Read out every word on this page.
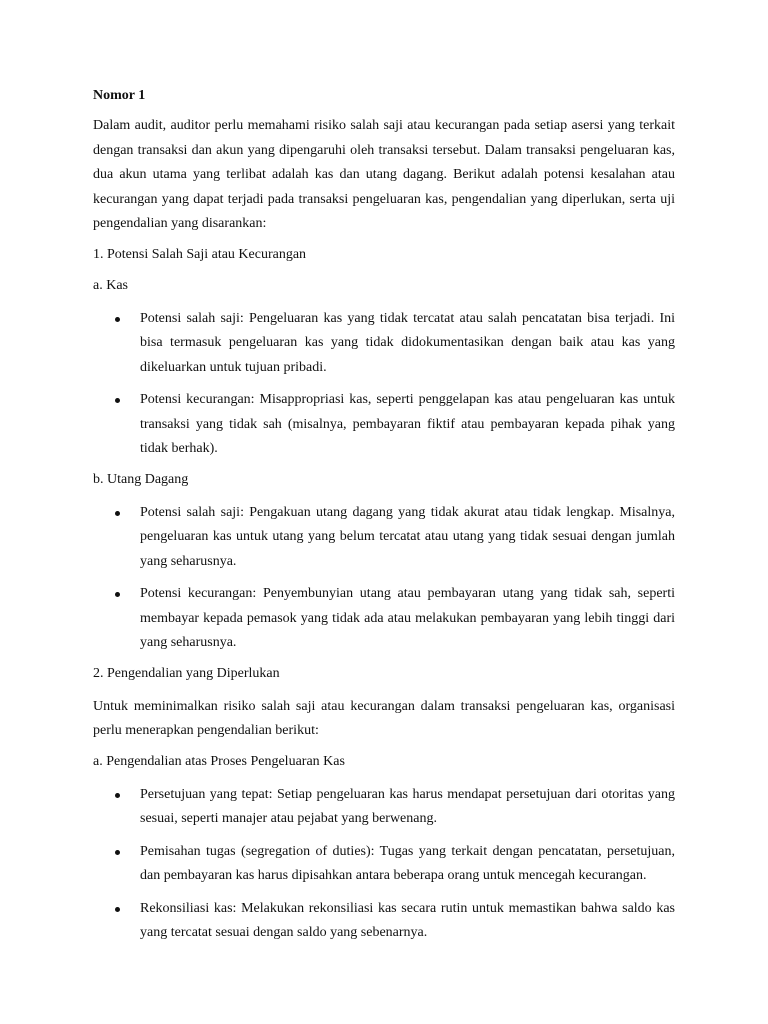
Nomor 1

Dalam audit, auditor perlu memahami risiko salah saji atau kecurangan pada setiap asersi yang terkait dengan transaksi dan akun yang dipengaruhi oleh transaksi tersebut. Dalam transaksi pengeluaran kas, dua akun utama yang terlibat adalah kas dan utang dagang. Berikut adalah potensi kesalahan atau kecurangan yang dapat terjadi pada transaksi pengeluaran kas, pengendalian yang diperlukan, serta uji pengendalian yang disarankan:

1. Potensi Salah Saji atau Kecurangan
a. Kas
Potensi salah saji: Pengeluaran kas yang tidak tercatat atau salah pencatatan bisa terjadi. Ini bisa termasuk pengeluaran kas yang tidak didokumentasikan dengan baik atau kas yang dikeluarkan untuk tujuan pribadi.
Potensi kecurangan: Misappropriasi kas, seperti penggelapan kas atau pengeluaran kas untuk transaksi yang tidak sah (misalnya, pembayaran fiktif atau pembayaran kepada pihak yang tidak berhak).
b. Utang Dagang
Potensi salah saji: Pengakuan utang dagang yang tidak akurat atau tidak lengkap. Misalnya, pengeluaran kas untuk utang yang belum tercatat atau utang yang tidak sesuai dengan jumlah yang seharusnya.
Potensi kecurangan: Penyembunyian utang atau pembayaran utang yang tidak sah, seperti membayar kepada pemasok yang tidak ada atau melakukan pembayaran yang lebih tinggi dari yang seharusnya.
2. Pengendalian yang Diperlukan

Untuk meminimalkan risiko salah saji atau kecurangan dalam transaksi pengeluaran kas, organisasi perlu menerapkan pengendalian berikut:

a. Pengendalian atas Proses Pengeluaran Kas
Persetujuan yang tepat: Setiap pengeluaran kas harus mendapat persetujuan dari otoritas yang sesuai, seperti manajer atau pejabat yang berwenang.
Pemisahan tugas (segregation of duties): Tugas yang terkait dengan pencatatan, persetujuan, dan pembayaran kas harus dipisahkan antara beberapa orang untuk mencegah kecurangan.
Rekonsiliasi kas: Melakukan rekonsiliasi kas secara rutin untuk memastikan bahwa saldo kas yang tercatat sesuai dengan saldo yang sebenarnya.
